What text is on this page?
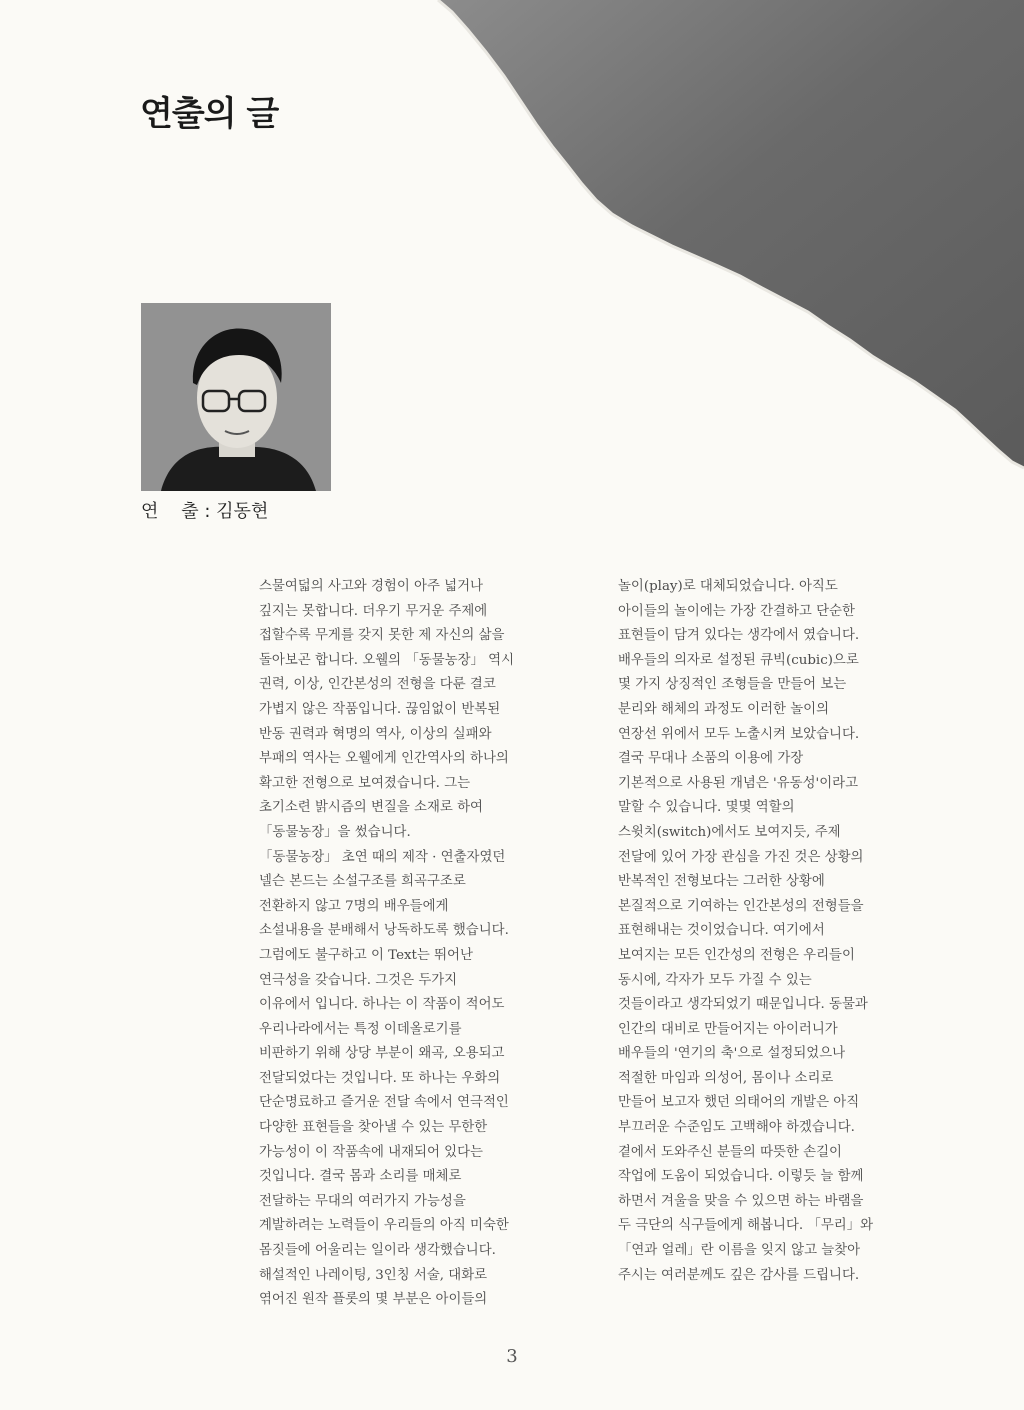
연출의 글
연    출 : 김동현

스물여덟의 사고와 경험이 아주 넓거나

깊지는 못합니다. 더우기 무거운 주제에

접할수록 무게를 갖지 못한 제 자신의 삶을

돌아보곤 합니다. 오웰의 「동물농장」 역시

권력, 이상, 인간본성의 전형을 다룬 결코

가볍지 않은 작품입니다. 끊임없이 반복된

반동 권력과 혁명의 역사, 이상의 실패와

부패의 역사는 오웰에게 인간역사의 하나의

확고한 전형으로 보여졌습니다. 그는

초기소련 밝시즘의 변질을 소재로 하여

「동물농장」을 썼습니다.

「동물농장」 초연 때의 제작 · 연출자였던

넬슨 본드는 소설구조를 희곡구조로

전환하지 않고 7명의 배우들에게

소설내용을 분배해서 낭독하도록 했습니다.

그럼에도 불구하고 이 Text는 뛰어난

연극성을 갖습니다. 그것은 두가지

이유에서 입니다. 하나는 이 작품이 적어도

우리나라에서는 특정 이데올로기를

비판하기 위해 상당 부분이 왜곡, 오용되고

전달되었다는 것입니다. 또 하나는 우화의

단순명료하고 즐거운 전달 속에서 연극적인

다양한 표현들을 찾아낼 수 있는 무한한

가능성이 이 작품속에 내재되어 있다는

것입니다. 결국 몸과 소리를 매체로

전달하는 무대의 여러가지 가능성을

계발하려는 노력들이 우리들의 아직 미숙한

몸짓들에 어울리는 일이라 생각했습니다.

해설적인 나레이팅, 3인칭 서술, 대화로

엮어진 원작 플롯의 몇 부분은 아이들의

놀이(play)로 대체되었습니다. 아직도

아이들의 놀이에는 가장 간결하고 단순한

표현들이 담겨 있다는 생각에서 였습니다.

배우들의 의자로 설정된 큐빅(cubic)으로

몇 가지 상징적인 조형들을 만들어 보는

분리와 해체의 과정도 이러한 놀이의

연장선 위에서 모두 노출시켜 보았습니다.

결국 무대나 소품의 이용에 가장

기본적으로 사용된 개념은 '유동성'이라고

말할 수 있습니다. 몇몇 역할의

스윗치(switch)에서도 보여지듯, 주제

전달에 있어 가장 관심을 가진 것은 상황의

반복적인 전형보다는 그러한 상황에

본질적으로 기여하는 인간본성의 전형들을

표현해내는 것이었습니다. 여기에서

보여지는 모든 인간성의 전형은 우리들이

동시에, 각자가 모두 가질 수 있는

것들이라고 생각되었기 때문입니다. 동물과

인간의 대비로 만들어지는 아이러니가

배우들의 '연기의 축'으로 설정되었으나

적절한 마임과 의성어, 몸이나 소리로

만들어 보고자 했던 의태어의 개발은 아직

부끄러운 수준임도 고백해야 하겠습니다.

곁에서 도와주신 분들의 따뜻한 손길이

작업에 도움이 되었습니다. 이렇듯 늘 함께

하면서 겨울을 맞을 수 있으면 하는 바램을

두 극단의 식구들에게 해봅니다. 「무리」와

「연과 얼레」란 이름을 잊지 않고 늘찾아

주시는 여러분께도 깊은 감사를 드립니다.

3
